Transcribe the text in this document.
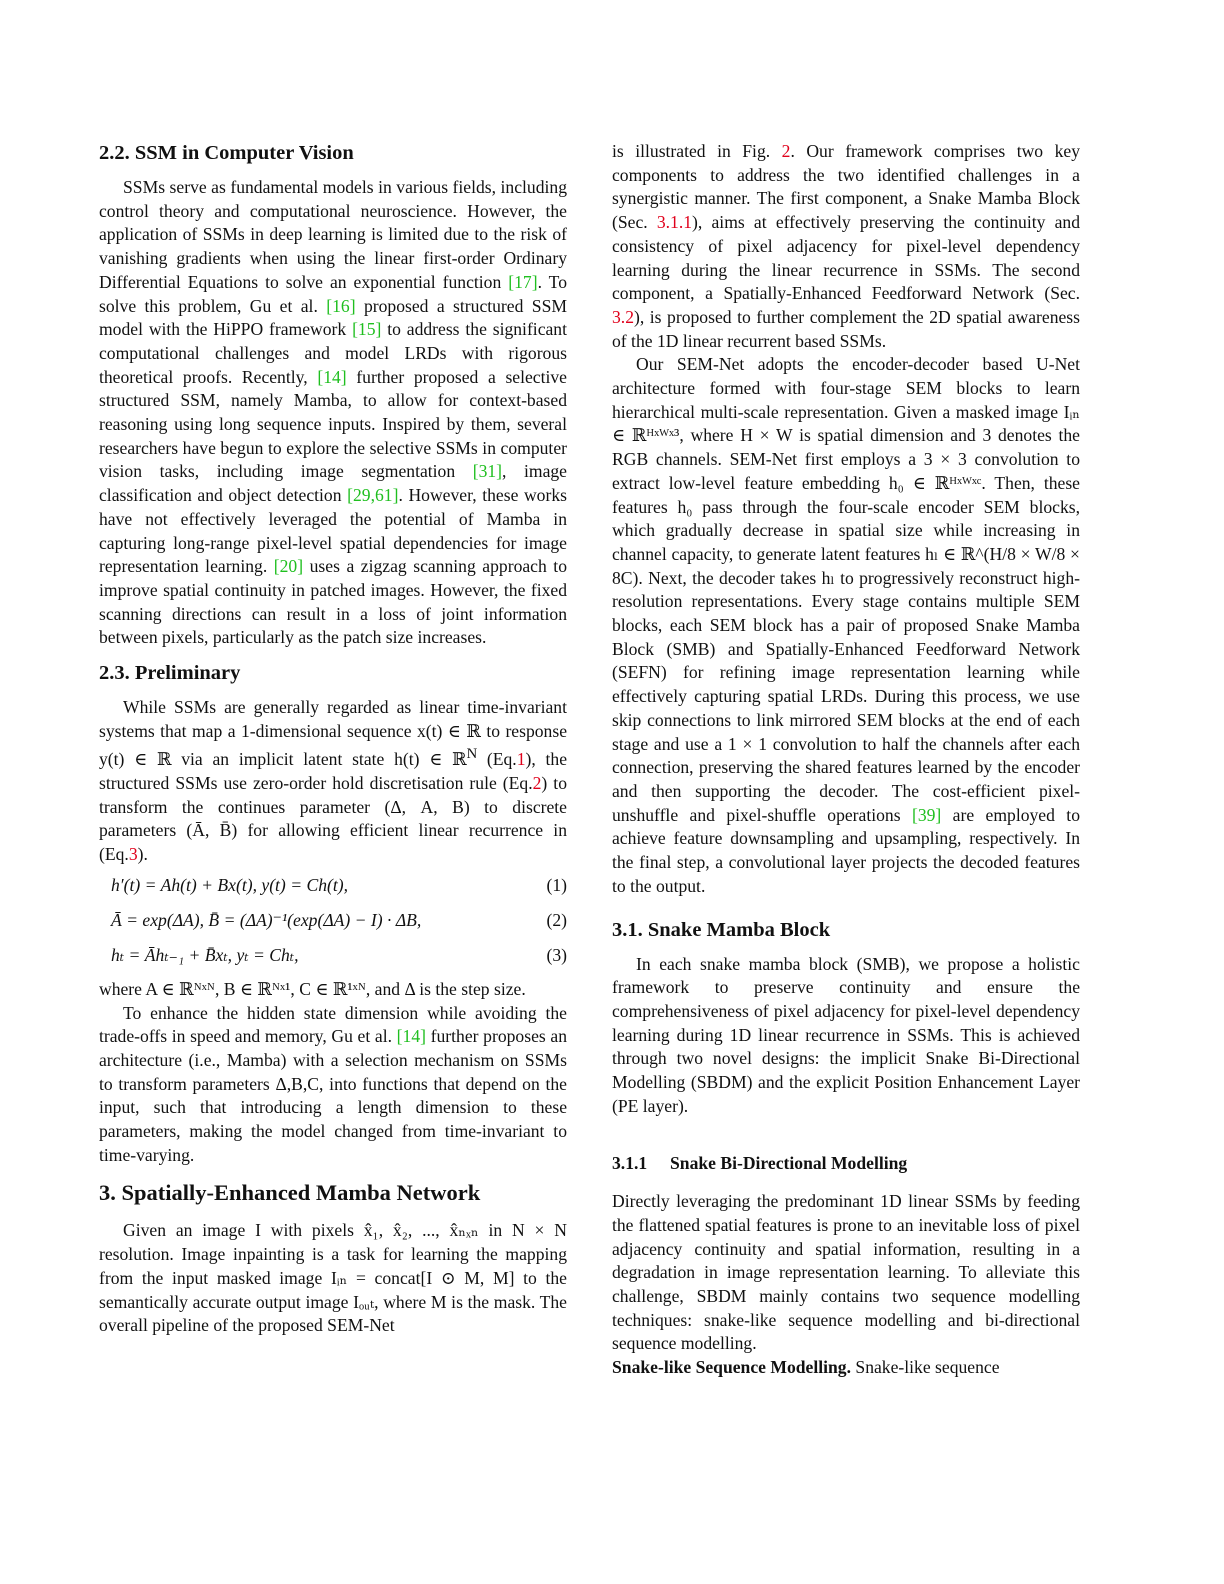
2.2. SSM in Computer Vision

SSMs serve as fundamental models in various fields, including control theory and computational neuroscience. However, the application of SSMs in deep learning is limited due to the risk of vanishing gradients when using the linear first-order Ordinary Differential Equations to solve an exponential function [17]. To solve this problem, Gu et al. [16] proposed a structured SSM model with the HiPPO framework [15] to address the significant computational challenges and model LRDs with rigorous theoretical proofs. Recently, [14] further proposed a selective structured SSM, namely Mamba, to allow for context-based reasoning using long sequence inputs. Inspired by them, several researchers have begun to explore the selective SSMs in computer vision tasks, including image segmentation [31], image classification and object detection [29,61]. However, these works have not effectively leveraged the potential of Mamba in capturing long-range pixel-level spatial dependencies for image representation learning. [20] uses a zigzag scanning approach to improve spatial continuity in patched images. However, the fixed scanning directions can result in a loss of joint information between pixels, particularly as the patch size increases.

2.3. Preliminary

While SSMs are generally regarded as linear time-invariant systems that map a 1-dimensional sequence x(t) ∈ ℝ to response y(t) ∈ ℝ via an implicit latent state h(t) ∈ ℝ$^N$ (Eq.1), the structured SSMs use zero-order hold discretisation rule (Eq.2) to transform the continues parameter (Δ, A, B) to discrete parameters (Ā, B̄) for allowing efficient linear recurrence in (Eq.3).

h′(t) = Ah(t) + Bx(t), y(t) = Ch(t),	(1)
Ā = exp(ΔA), B̄ = (ΔA)⁻¹(exp(ΔA) − I) · ΔB,	(2)
hₜ = Āhₜ₋₁ + B̄xₜ, yₜ = Chₜ,	(3)

where A ∈ ℝᴺˣᴺ, B ∈ ℝᴺˣ¹, C ∈ ℝ¹ˣᴺ, and Δ is the step size.

To enhance the hidden state dimension while avoiding the trade-offs in speed and memory, Gu et al. [14] further proposes an architecture (i.e., Mamba) with a selection mechanism on SSMs to transform parameters Δ,B,C, into functions that depend on the input, such that introducing a length dimension to these parameters, making the model changed from time-invariant to time-varying.

3. Spatially-Enhanced Mamba Network

Given an image I with pixels x̂₁, x̂₂, ..., x̂ₙₓₙ in N × N resolution. Image inpainting is a task for learning the mapping from the input masked image Iᵢₙ = concat[I ⊙ M, M] to the semantically accurate output image Iₒᵤₜ, where M is the mask. The overall pipeline of the proposed SEM-Net

is illustrated in Fig. 2. Our framework comprises two key components to address the two identified challenges in a synergistic manner. The first component, a Snake Mamba Block (Sec. 3.1.1), aims at effectively preserving the continuity and consistency of pixel adjacency for pixel-level dependency learning during the linear recurrence in SSMs. The second component, a Spatially-Enhanced Feedforward Network (Sec. 3.2), is proposed to further complement the 2D spatial awareness of the 1D linear recurrent based SSMs.

Our SEM-Net adopts the encoder-decoder based U-Net architecture formed with four-stage SEM blocks to learn hierarchical multi-scale representation. Given a masked image Iᵢₙ ∈ ℝᴴˣᵂˣ³, where H × W is spatial dimension and 3 denotes the RGB channels. SEM-Net first employs a 3 × 3 convolution to extract low-level feature embedding h₀ ∈ ℝᴴˣᵂˣᶜ. Then, these features h₀ pass through the four-scale encoder SEM blocks, which gradually decrease in spatial size while increasing in channel capacity, to generate latent features hₗ ∈ ℝ^(H/8 × W/8 × 8C). Next, the decoder takes hₗ to progressively reconstruct high-resolution representations. Every stage contains multiple SEM blocks, each SEM block has a pair of proposed Snake Mamba Block (SMB) and Spatially-Enhanced Feedforward Network (SEFN) for refining image representation learning while effectively capturing spatial LRDs. During this process, we use skip connections to link mirrored SEM blocks at the end of each stage and use a 1 × 1 convolution to half the channels after each connection, preserving the shared features learned by the encoder and then supporting the decoder. The cost-efficient pixel-unshuffle and pixel-shuffle operations [39] are employed to achieve feature downsampling and upsampling, respectively. In the final step, a convolutional layer projects the decoded features to the output.

3.1. Snake Mamba Block

In each snake mamba block (SMB), we propose a holistic framework to preserve continuity and ensure the comprehensiveness of pixel adjacency for pixel-level dependency learning during 1D linear recurrence in SSMs. This is achieved through two novel designs: the implicit Snake Bi-Directional Modelling (SBDM) and the explicit Position Enhancement Layer (PE layer).

3.1.1 Snake Bi-Directional Modelling

Directly leveraging the predominant 1D linear SSMs by feeding the flattened spatial features is prone to an inevitable loss of pixel adjacency continuity and spatial information, resulting in a degradation in image representation learning. To alleviate this challenge, SBDM mainly contains two sequence modelling techniques: snake-like sequence modelling and bi-directional sequence modelling.

Snake-like Sequence Modelling. Snake-like sequence
